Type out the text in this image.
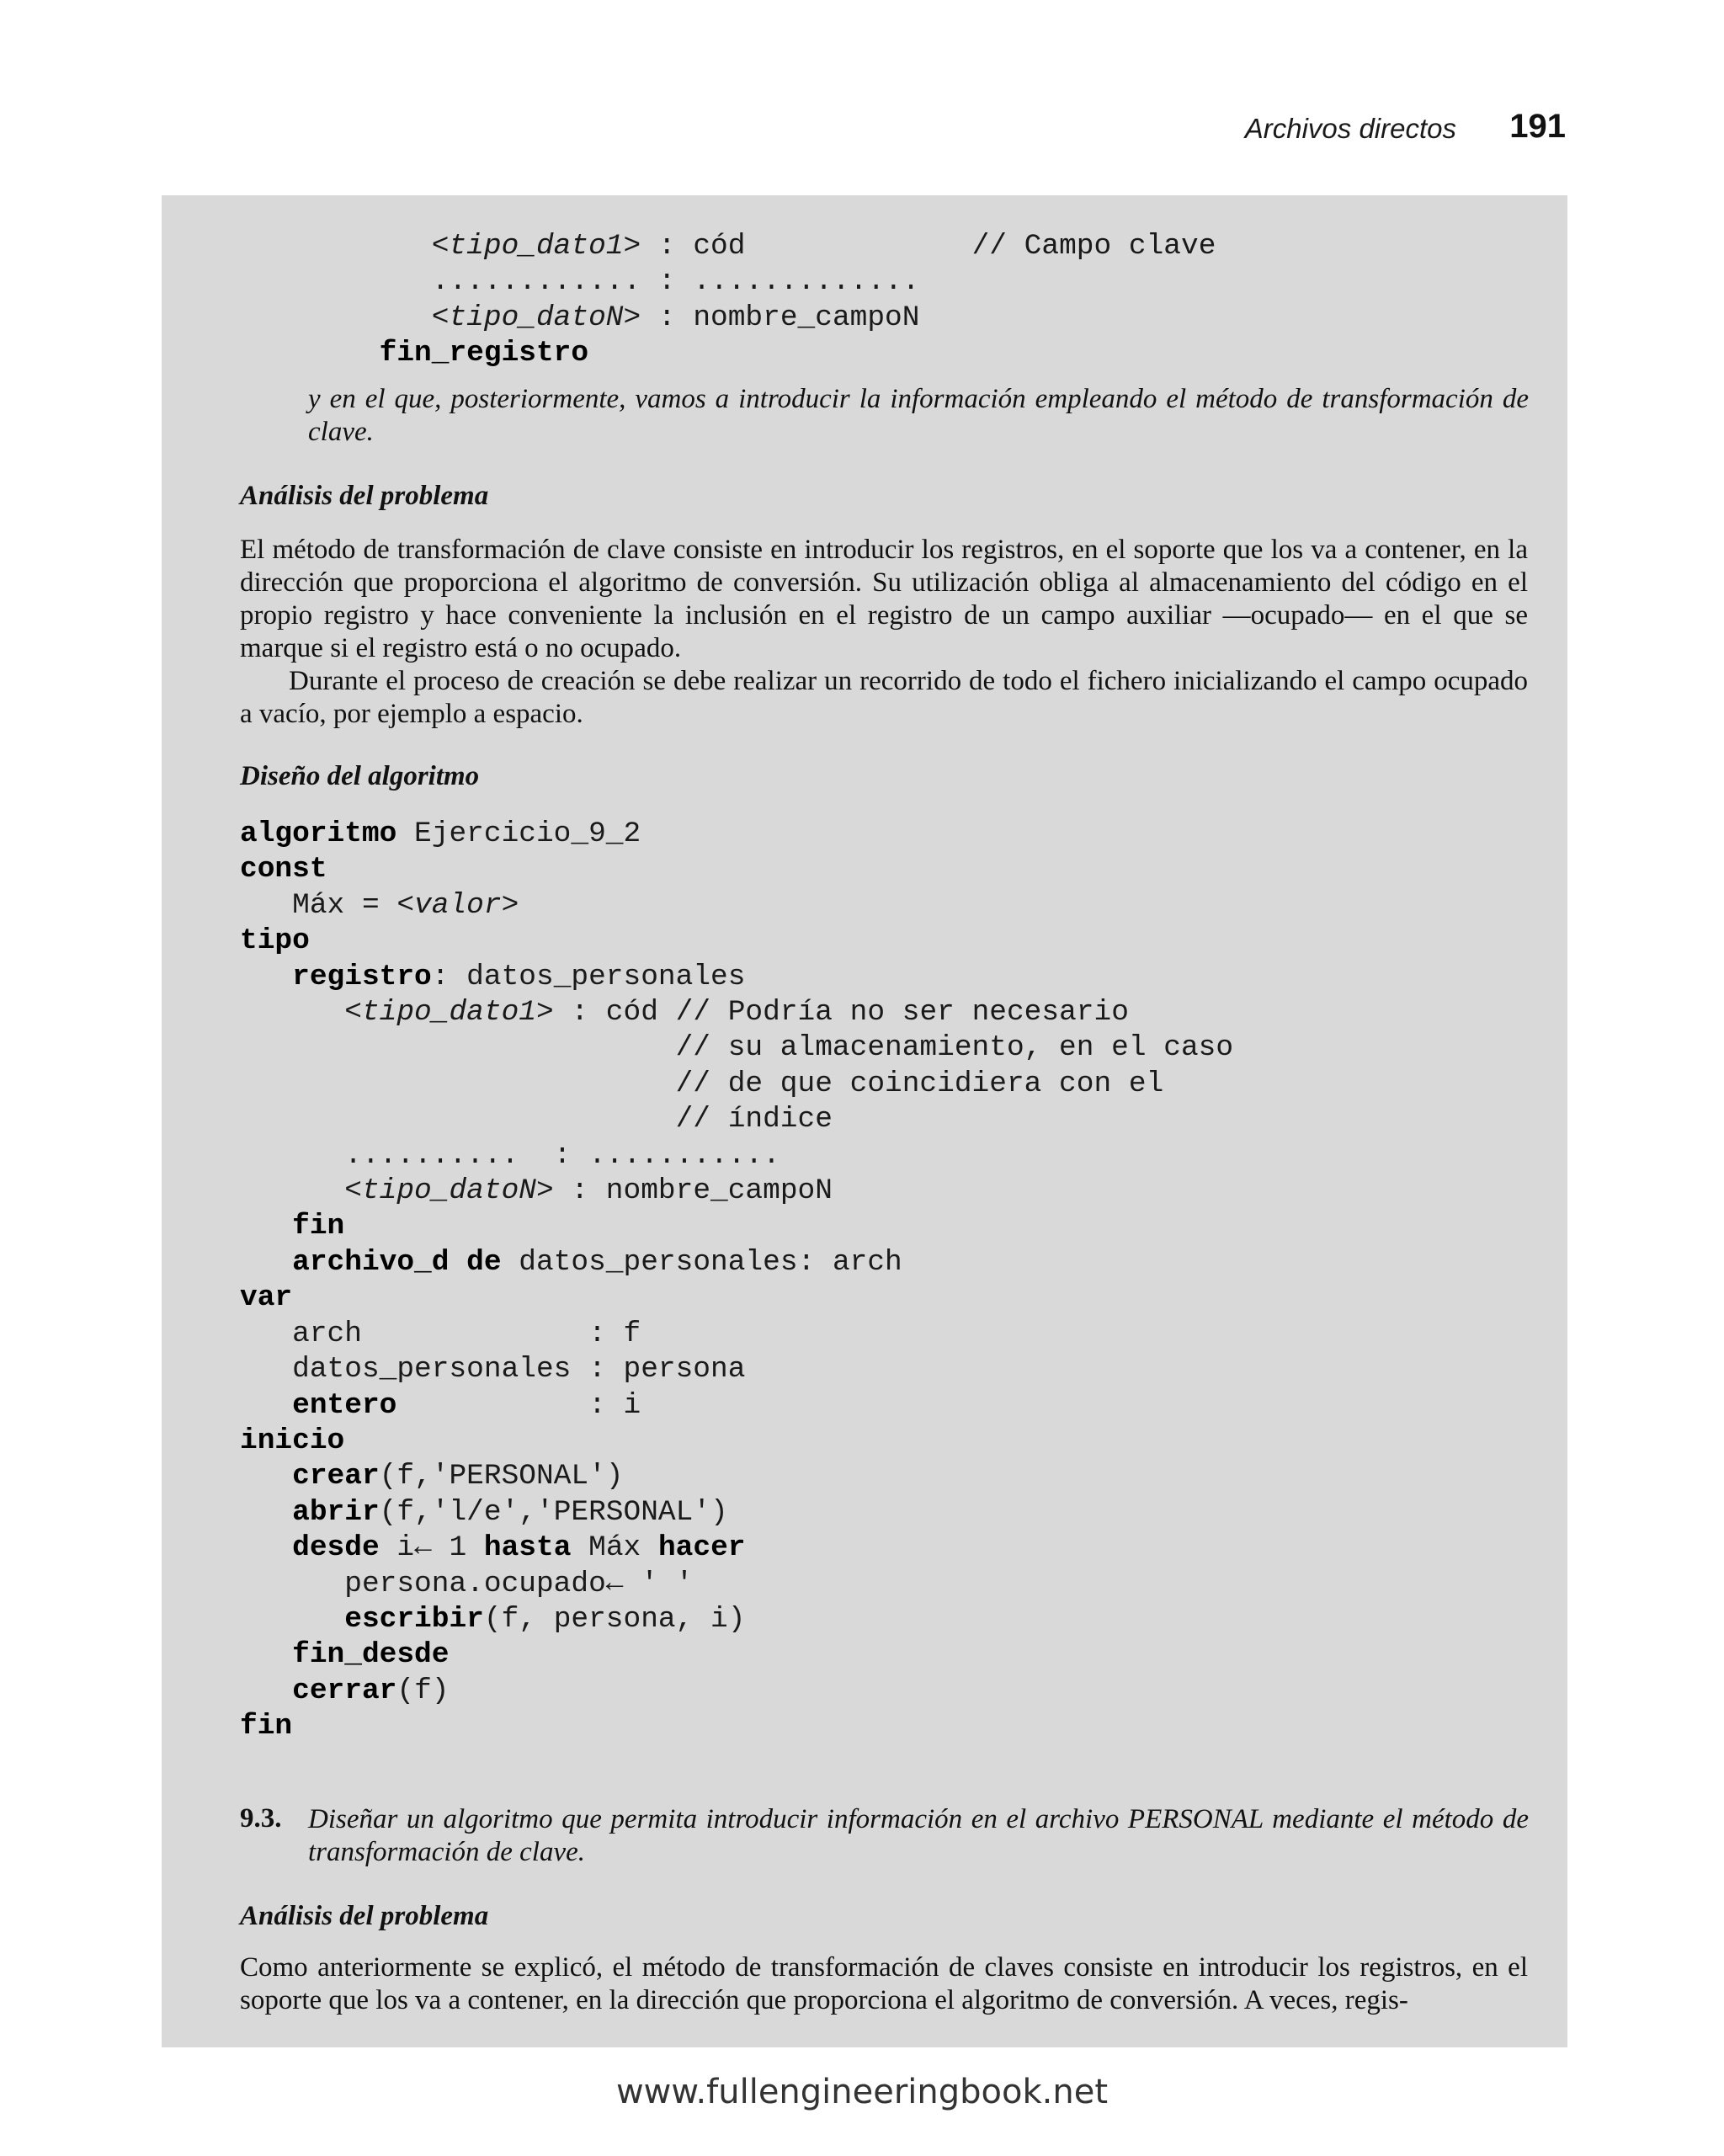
Archivos directos 191
<tipo_dato1> : cód             // Campo clave
............ : .............
<tipo_datoN> : nombre_campoN
fin_registro

y en el que, posteriormente, vamos a introducir la información empleando el método de transformación de clave.
Análisis del problema

El método de transformación de clave consiste en introducir los registros, en el soporte que los va a contener, en la dirección que proporciona el algoritmo de conversión. Su utilización obliga al almacenamiento del código en el propio registro y hace conveniente la inclusión en el registro de un campo auxiliar —ocupado— en el que se marque si el registro está o no ocupado.

Durante el proceso de creación se debe realizar un recorrido de todo el fichero inicializando el campo ocupado a vacío, por ejemplo a espacio.

Diseño del algoritmo
algoritmo Ejercicio_9_2
const
Máx = <valor>
tipo
registro: datos_personales
<tipo_dato1> : cód // Podría no ser necesario
// su almacenamiento, en el caso
// de que coincidiera con el
// índice
..........  : ...........
<tipo_datoN> : nombre_campoN
fin
archivo_d de datos_personales: arch
var
arch             : f
datos_personales : persona
entero           : i
inicio
crear(f,'PERSONAL')
abrir(f,'l/e','PERSONAL')
desde i← 1 hasta Máx hacer
persona.ocupado← ' '
escribir(f, persona, i)
fin_desde
cerrar(f)
fin

9.3. Diseñar un algoritmo que permita introducir información en el archivo PERSONAL mediante el método de transformación de clave.
Análisis del problema

Como anteriormente se explicó, el método de transformación de claves consiste en introducir los registros, en el soporte que los va a contener, en la dirección que proporciona el algoritmo de conversión. A veces, regis-

www.fullengineeringbook.net
